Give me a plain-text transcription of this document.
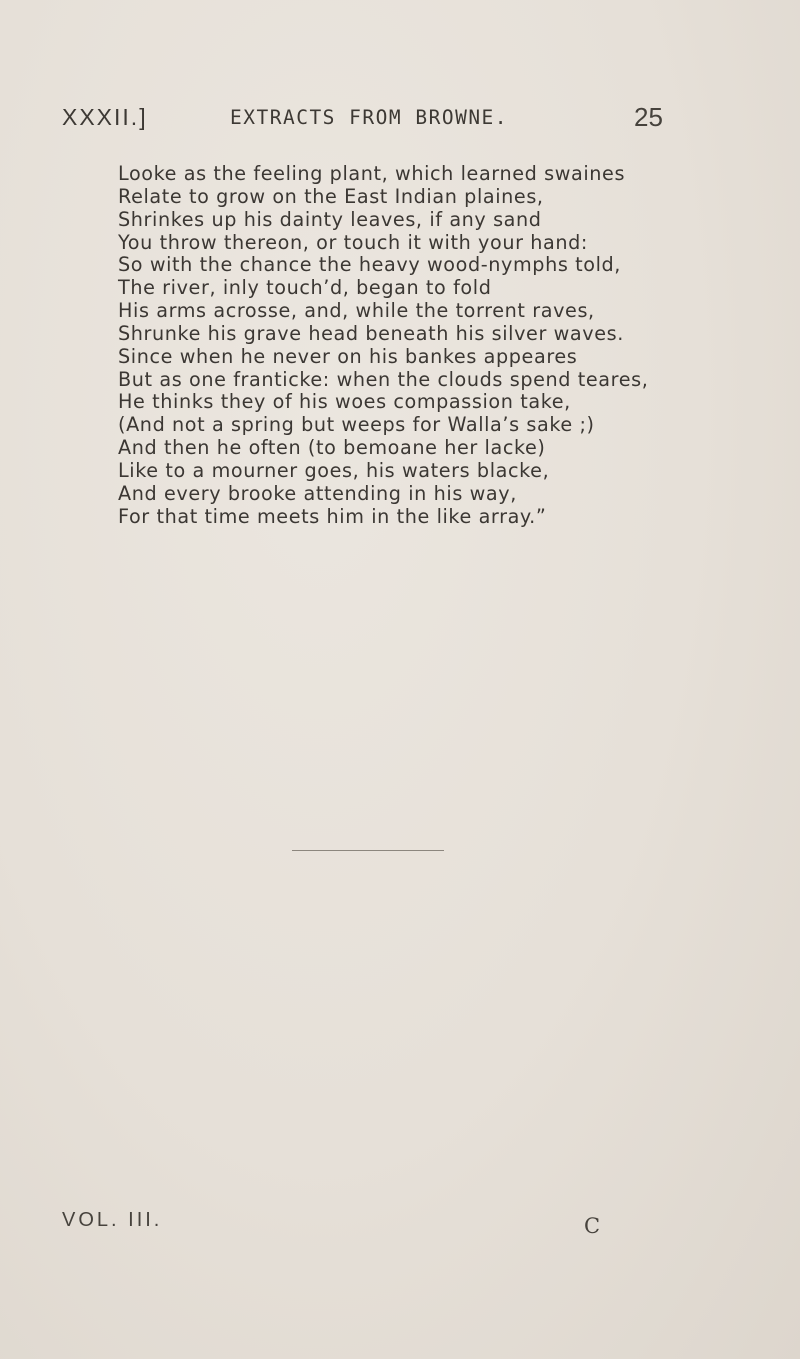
XXXII.]	EXTRACTS FROM BROWNE.	25
Looke as the feeling plant, which learned swaines
Relate to grow on the East Indian plaines,
Shrinkes up his dainty leaves, if any sand
You throw thereon, or touch it with your hand:
So with the chance the heavy wood-nymphs told,
The river, inly touch’d, began to fold
His arms acrosse, and, while the torrent raves,
Shrunke his grave head beneath his silver waves.
Since when he never on his bankes appeares
But as one franticke: when the clouds spend teares,
He thinks they of his woes compassion take,
(And not a spring but weeps for Walla’s sake ;)
And then he often (to bemoane her lacke)
Like to a mourner goes, his waters blacke,
And every brooke attending in his way,
For that time meets him in the like array.”
VOL. III.	C
